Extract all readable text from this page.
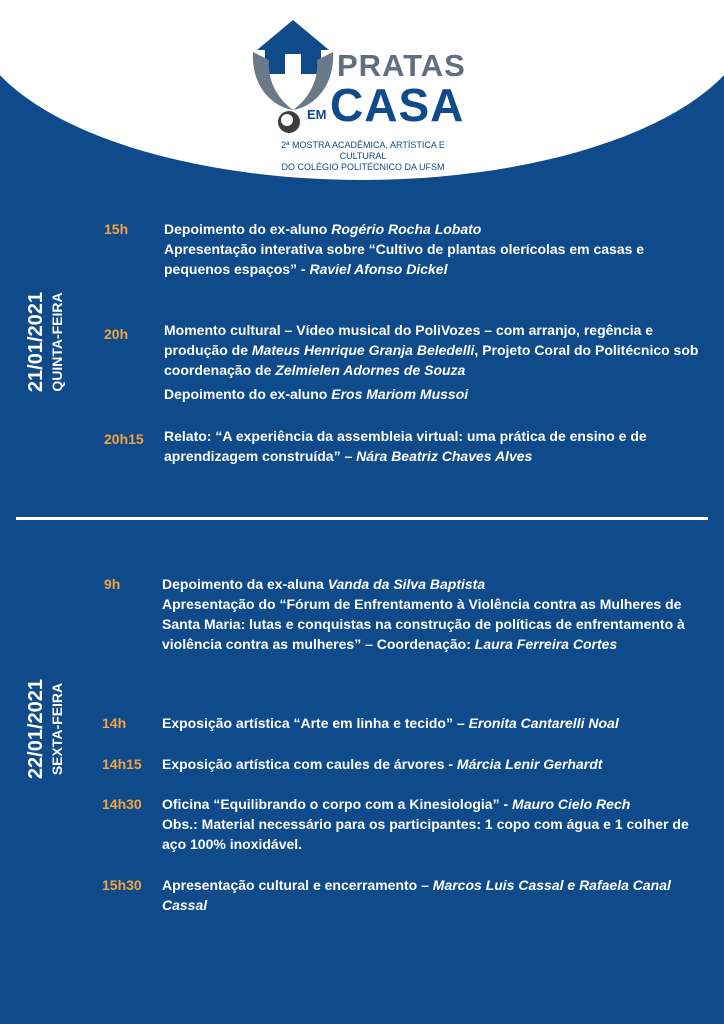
PRATAS
EM CASA
2ª MOSTRA ACADÊMICA, ARTÍSTICA E CULTURAL
DO COLÉGIO POLITÉCNICO DA UFSM
21/01/2021 QUINTA-FEIRA
22/01/2021 SEXTA-FEIRA
15h	Depoimento do ex-aluno Rogério Rocha Lobato

Apresentação interativa sobre “Cultivo de plantas olerícolas em casas e pequenos espaços” - Raviel Afonso Dickel

20h	Momento cultural – Vídeo musical do PoliVozes – com arranjo, regência e produção de Mateus Henrique Granja Beledelli, Projeto Coral do Politécnico sob coordenação de Zelmielen Adornes de Souza

Depoimento do ex-aluno Eros Mariom Mussoi

20h15 Relato: “A experiência da assembleia virtual: uma prática de ensino e de aprendizagem construída” – Nára Beatriz Chaves Alves

9h	Depoimento da ex-aluna Vanda da Silva Baptista

Apresentação do “Fórum de Enfrentamento à Violência contra as Mulheres de Santa Maria: lutas e conquistas na construção de políticas de enfrentamento à violência contra as mulheres” – Coordenação: Laura Ferreira Cortes

14h	Exposição artística “Arte em linha e tecido” – Eronita Cantarelli Noal

14h15 Exposição artística com caules de árvores - Márcia Lenir Gerhardt

14h30 Oficina “Equilibrando o corpo com a Kinesiologia” - Mauro Cielo Rech

Obs.: Material necessário para os participantes: 1 copo com água e 1 colher de aço 100% inoxidável.

15h30 Apresentação cultural e encerramento – Marcos Luis Cassal e Rafaela Canal Cassal
